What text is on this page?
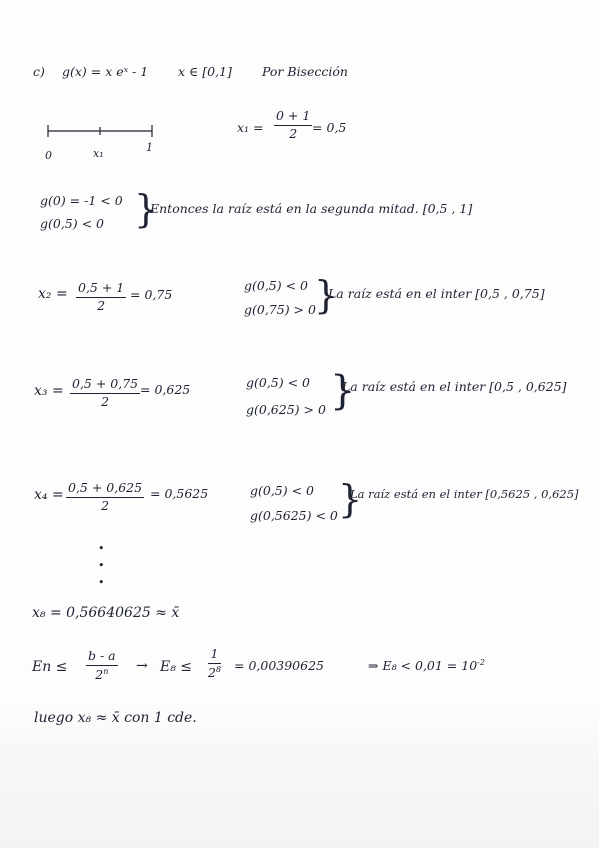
c) g(x) = x eˣ - 1 x ∈ [0,1] Por Bisección
0	x₁	1
$x_1 = \frac{0 + 1}{2} = 0,5$
g(0) = -1 < 0
g(0,5) < 0 }
Entonces la raíz está en la segunda mitad. [0,5 , 1]
$x_2 = \frac{0,5 + 1}{2} = 0,75$
g(0,5) < 0
g(0,75) > 0
}
La raíz está en el inter [0,5 , 0,75]
$x_3 = \frac{0,5 + 0,75}{2} = 0,625$	g(0,5) < 0
g(0,625) > 0 }
La raíz está en el inter [0,5 , 0,625]
$x_4 = \frac{0,5 + 0,625}{2} = 0,5625$	g(0,5) < 0
g(0,5625) < 0 }
La raíz está en el inter [0,5625 , 0,625]
•
•
•
x₈ = 0,56640625 ≈ x̄
$En \le \frac{b - a}{2^n} \to E_8 \le \frac{1}{2^8} = 0,00390625$	⇒ $E_8 < 0,01 = 10^{-2}$
luego x₈ ≈ x̄ con 1 cde.
